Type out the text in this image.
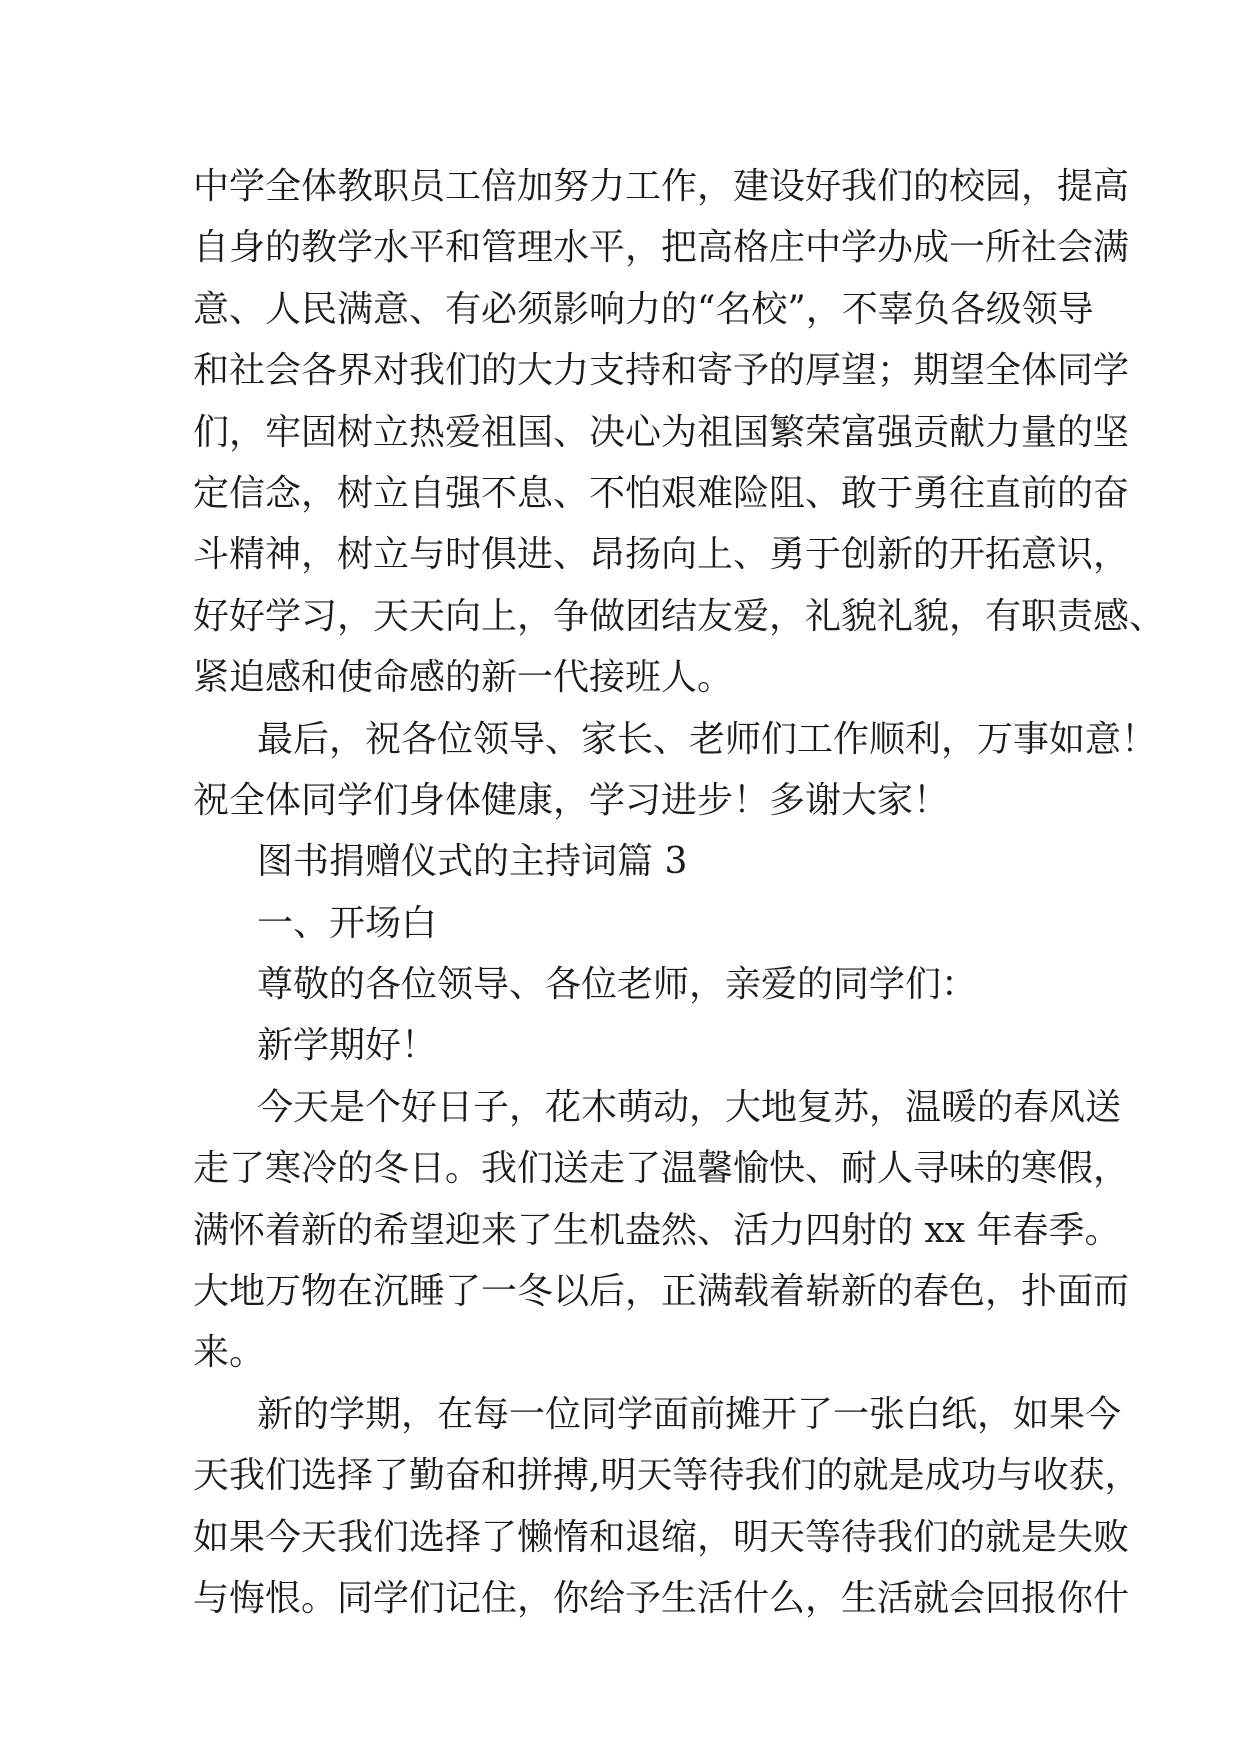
中学全体教职员工倍加努力工作，建设好我们的校园，提高

自身的教学水平和管理水平，把高格庄中学办成一所社会满

意、人民满意、有必须影响力的“名校”，不辜负各级领导

和社会各界对我们的大力支持和寄予的厚望；期望全体同学

们，牢固树立热爱祖国、决心为祖国繁荣富强贡献力量的坚

定信念，树立自强不息、不怕艰难险阻、敢于勇往直前的奋

斗精神，树立与时俱进、昂扬向上、勇于创新的开拓意识，

好好学习，天天向上，争做团结友爱，礼貌礼貌，有职责感、

紧迫感和使命感的新一代接班人。

最后，祝各位领导、家长、老师们工作顺利，万事如意！

祝全体同学们身体健康，学习进步！多谢大家！

图书捐赠仪式的主持词篇 3

一、开场白

尊敬的各位领导、各位老师，亲爱的同学们：

新学期好！

今天是个好日子，花木萌动，大地复苏，温暖的春风送

走了寒冷的冬日。我们送走了温馨愉快、耐人寻味的寒假，

满怀着新的希望迎来了生机盎然、活力四射的 xx 年春季。

大地万物在沉睡了一冬以后，正满载着崭新的春色，扑面而

来。

新的学期，在每一位同学面前摊开了一张白纸，如果今

天我们选择了勤奋和拼搏,明天等待我们的就是成功与收获，

如果今天我们选择了懒惰和退缩，明天等待我们的就是失败

与悔恨。同学们记住，你给予生活什么，生活就会回报你什
